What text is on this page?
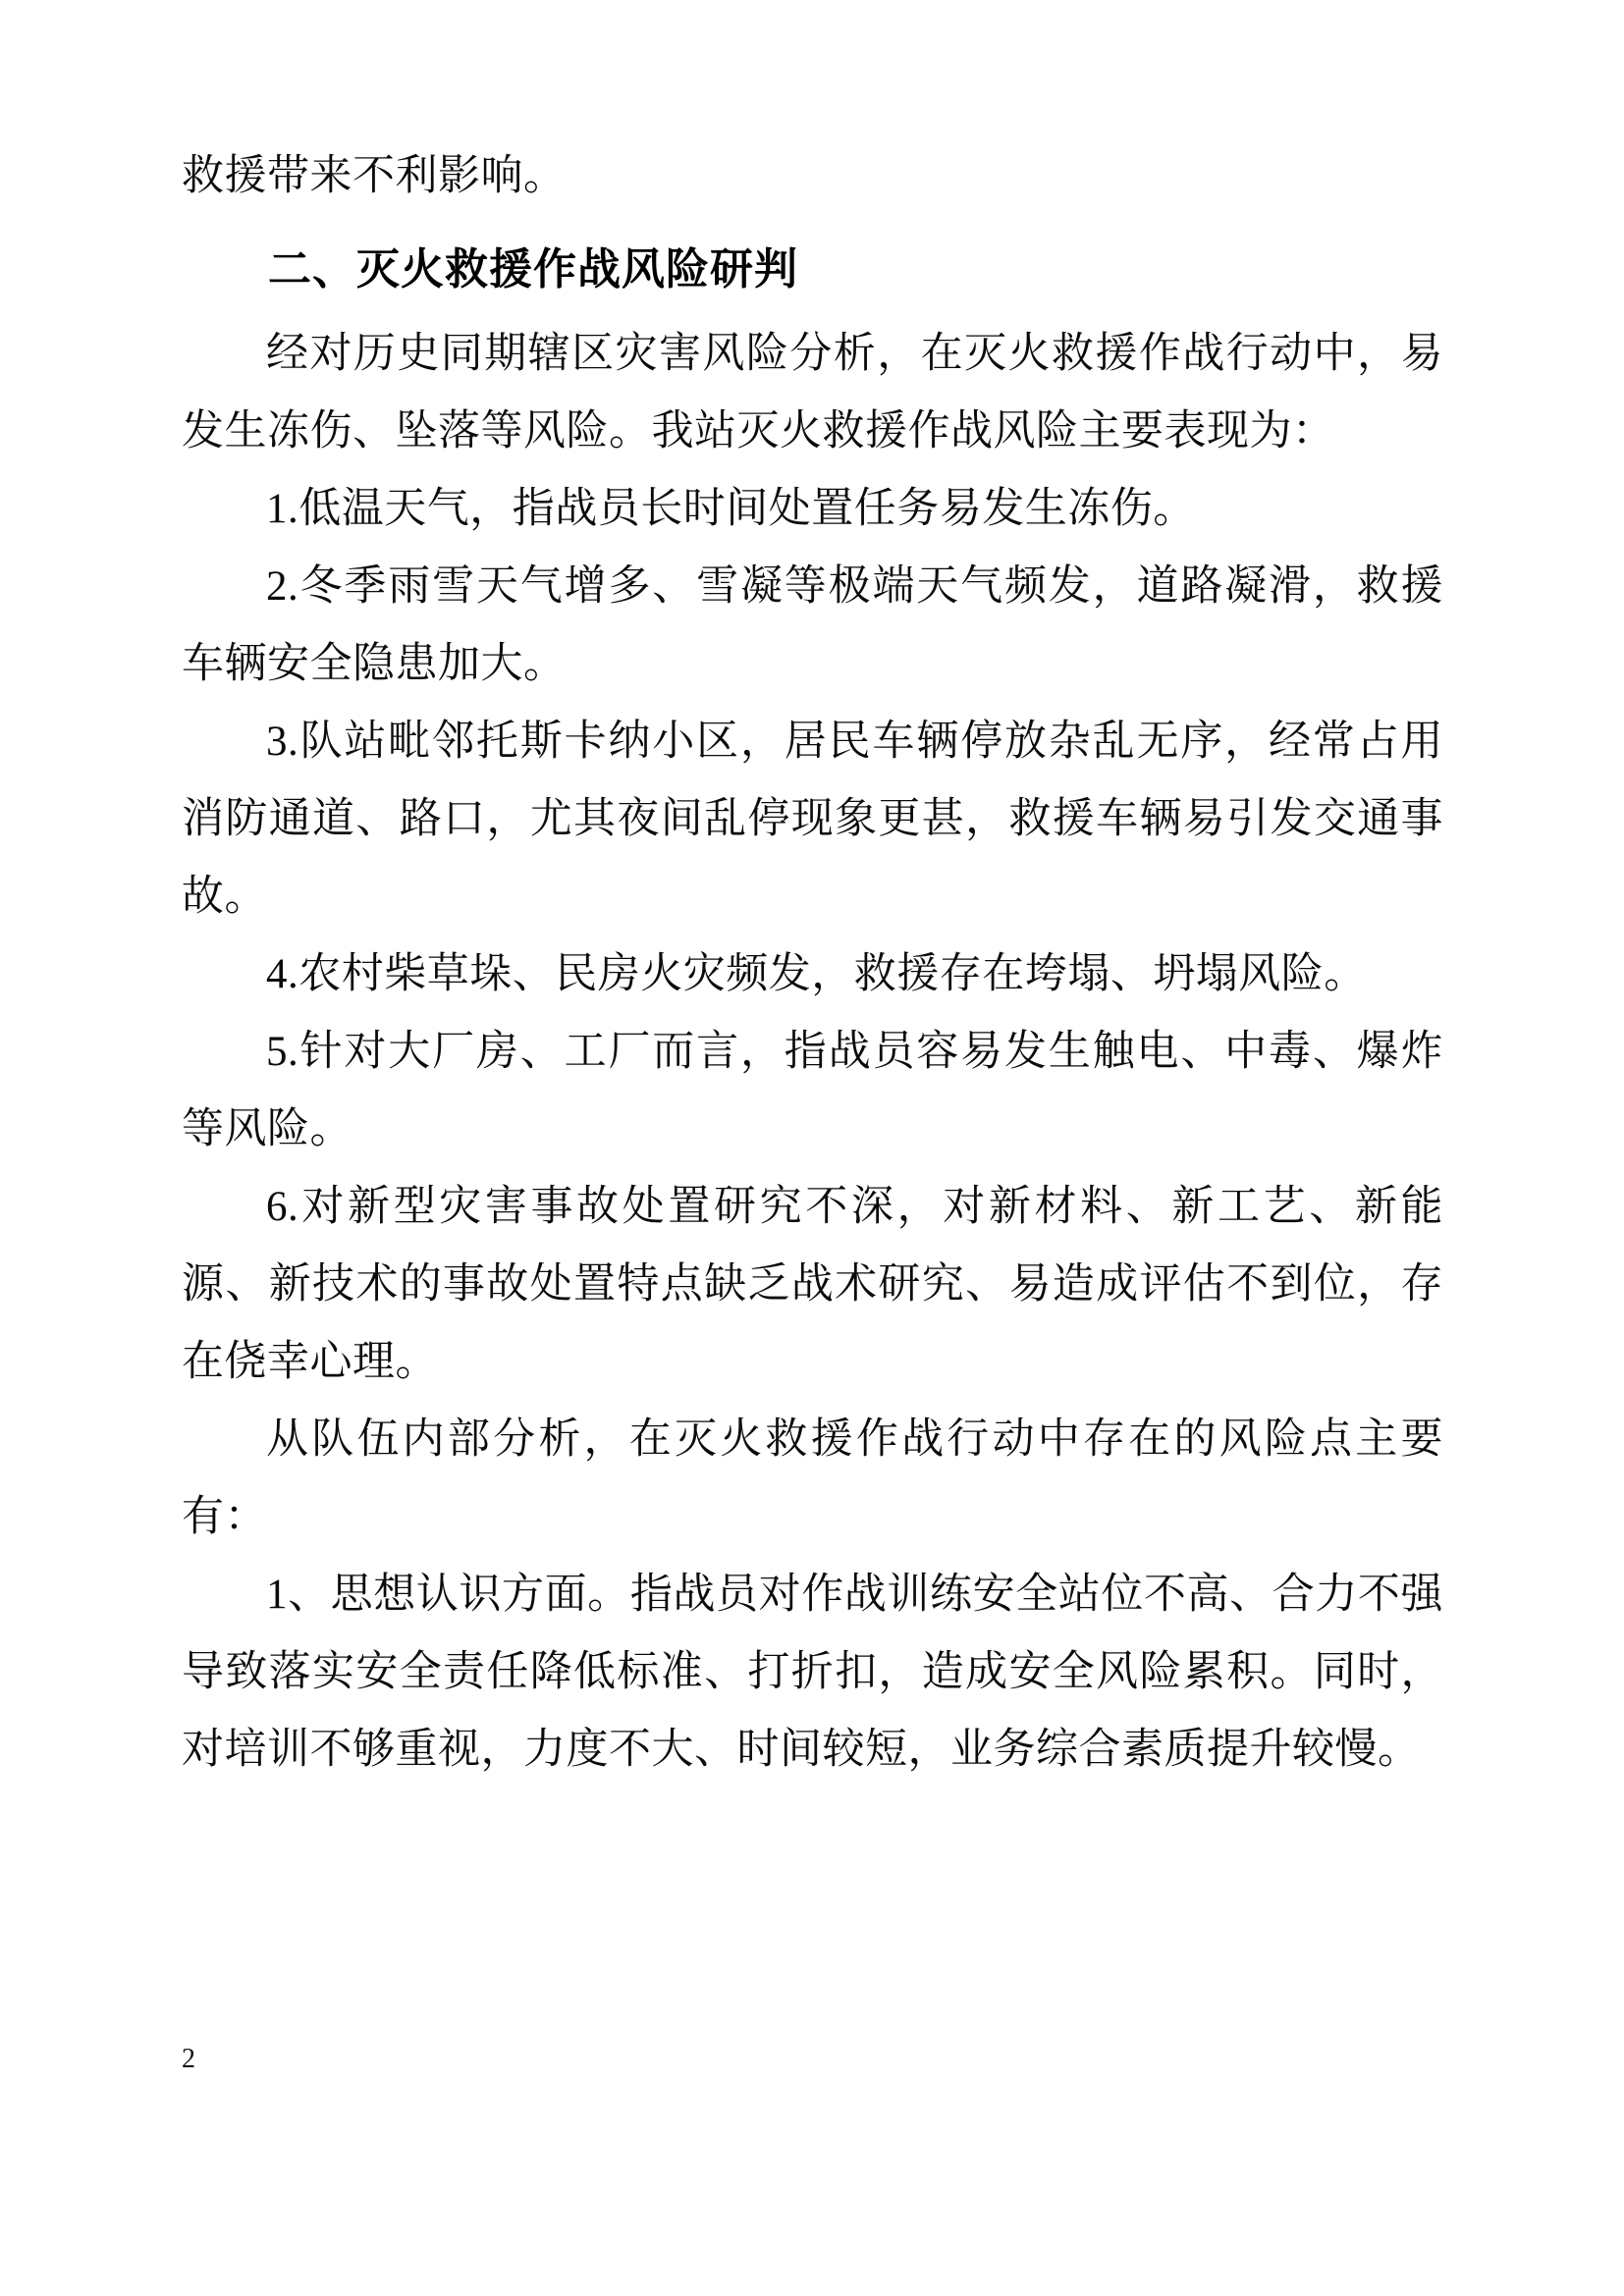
救援带来不利影响。

二、灭火救援作战风险研判

经对历史同期辖区灾害风险分析，在灭火救援作战行动中，易发生冻伤、坠落等风险。我站灭火救援作战风险主要表现为：

1.低温天气，指战员长时间处置任务易发生冻伤。

2.冬季雨雪天气增多、雪凝等极端天气频发，道路凝滑，救援车辆安全隐患加大。

3.队站毗邻托斯卡纳小区，居民车辆停放杂乱无序，经常占用消防通道、路口，尤其夜间乱停现象更甚，救援车辆易引发交通事故。

4.农村柴草垛、民房火灾频发，救援存在垮塌、坍塌风险。

5.针对大厂房、工厂而言，指战员容易发生触电、中毒、爆炸等风险。

6.对新型灾害事故处置研究不深，对新材料、新工艺、新能源、新技术的事故处置特点缺乏战术研究、易造成评估不到位，存在侥幸心理。

从队伍内部分析，在灭火救援作战行动中存在的风险点主要有：

1、思想认识方面。指战员对作战训练安全站位不高、合力不强导致落实安全责任降低标准、打折扣，造成安全风险累积。同时，对培训不够重视，力度不大、时间较短，业务综合素质提升较慢。

2
